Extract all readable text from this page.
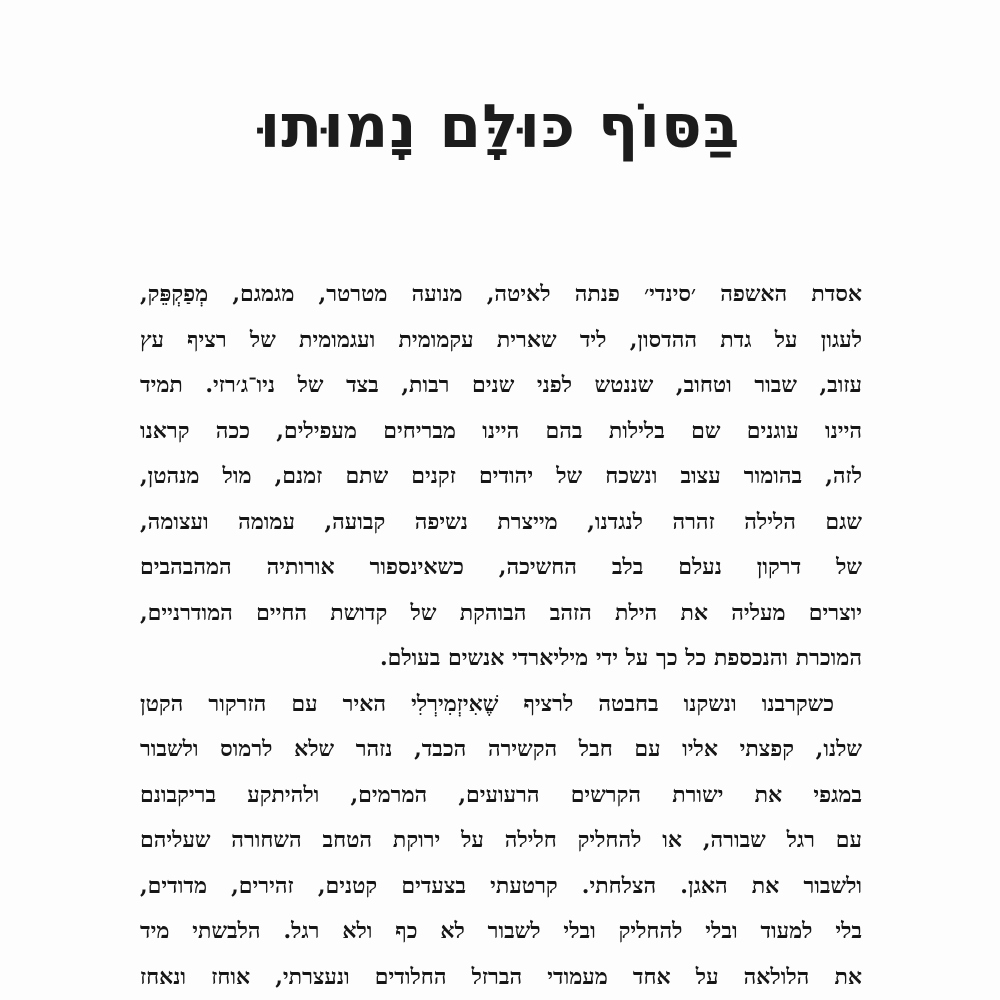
בַּסּוֹף כּוּלָּם נָמוּתוּ
אסדת האשפה ׳סינדי׳ פנתה לאיטה, מנועה מטרטר, מגמגם, מְפַקְפֵּק,
לעגון על גדת ההדסון, ליד שארית עקמומית ועגמומית של רציף עץ
עזוב, שבור וטחוב, שננטש לפני שנים רבות, בצד של ניו־ג׳רזי. תמיד
היינו עוגנים שם בלילות בהם היינו מבריחים מעפילים, ככה קראנו
לזה, בהומור עצוב ונשכח של יהודים זקנים שתם זמנם, מול מנהטן,
שגם הלילה זהרה לנגדנו, מייצרת נשיפה קבועה, עמומה ועצומה,
של דרקון נעלם בלב החשיכה, כשאינספור אורותיה המהבהבים
יוצרים מעליה את הילת הזהב הבוהקת של קדושת החיים המודרניים,
המוכרת והנכספת כל כך על ידי מיליארדי אנשים בעולם.
כשקרבנו ונשקנו בחבטה לרציף שֶׁאִיזְמִירְלִי האיר עם הזרקור הקטן
שלנו, קפצתי אליו עם חבל הקשירה הכבד, נזהר שלא לרמוס ולשבור
במגפי את ישורת הקרשים הרעועים, המרמים, ולהיתקע בריקבונם
עם רגל שבורה, או להחליק חלילה על ירוקת הטחב השחורה שעליהם
ולשבור את האגן. הצלחתי. קרטעתי בצעדים קטנים, זהירים, מדודים,
בלי למעוד ובלי להחליק ובלי לשבור לא כף ולא רגל. הלבשתי מיד
את הלולאה על אחד מעמודי הברזל החלודים ונעצרתי, אוחז ונאחז
